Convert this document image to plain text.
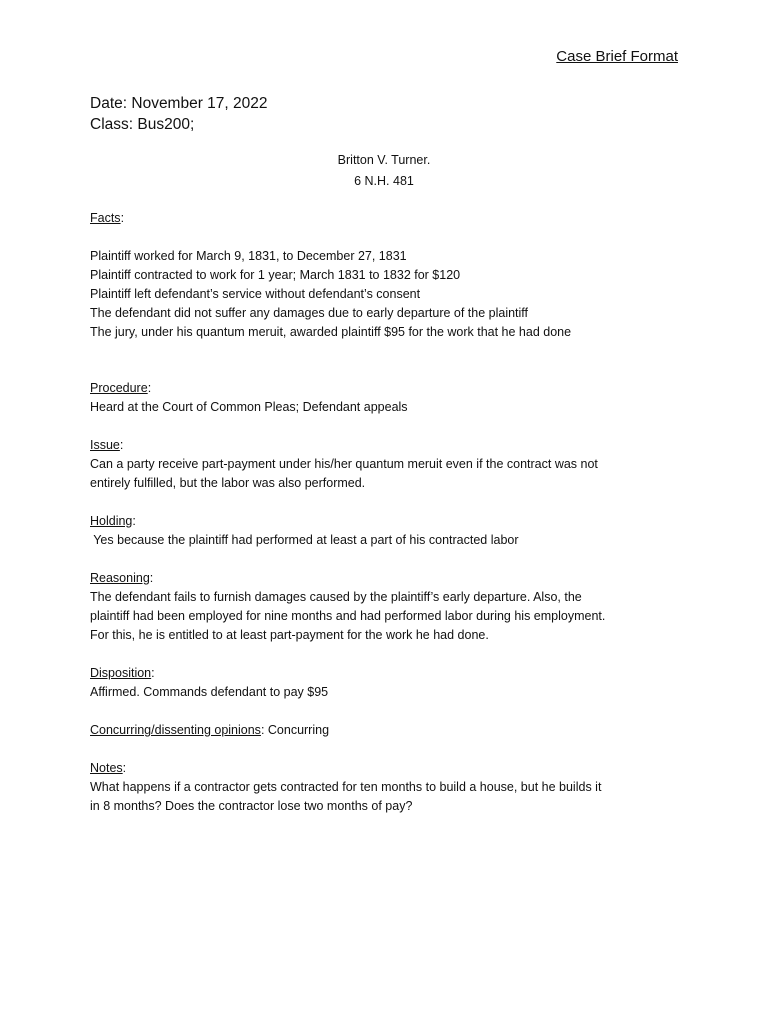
Case Brief Format
Date: November 17, 2022
Class: Bus200;
Britton V. Turner.
6 N.H. 481
Facts:
Plaintiff worked for March 9, 1831, to December 27, 1831
Plaintiff contracted to work for 1 year; March 1831 to 1832 for $120
Plaintiff left defendant’s service without defendant’s consent
The defendant did not suffer any damages due to early departure of the plaintiff
The jury, under his quantum meruit, awarded plaintiff $95 for the work that he had done
Procedure:
Heard at the Court of Common Pleas; Defendant appeals
Issue:
Can a party receive part-payment under his/her quantum meruit even if the contract was not
entirely fulfilled, but the labor was also performed.
Holding:
Yes because the plaintiff had performed at least a part of his contracted labor
Reasoning:
The defendant fails to furnish damages caused by the plaintiff’s early departure. Also, the
plaintiff had been employed for nine months and had performed labor during his employment.
For this, he is entitled to at least part-payment for the work he had done.
Disposition:
Affirmed. Commands defendant to pay $95
Concurring/dissenting opinions: Concurring
Notes:
What happens if a contractor gets contracted for ten months to build a house, but he builds it
in 8 months? Does the contractor lose two months of pay?
